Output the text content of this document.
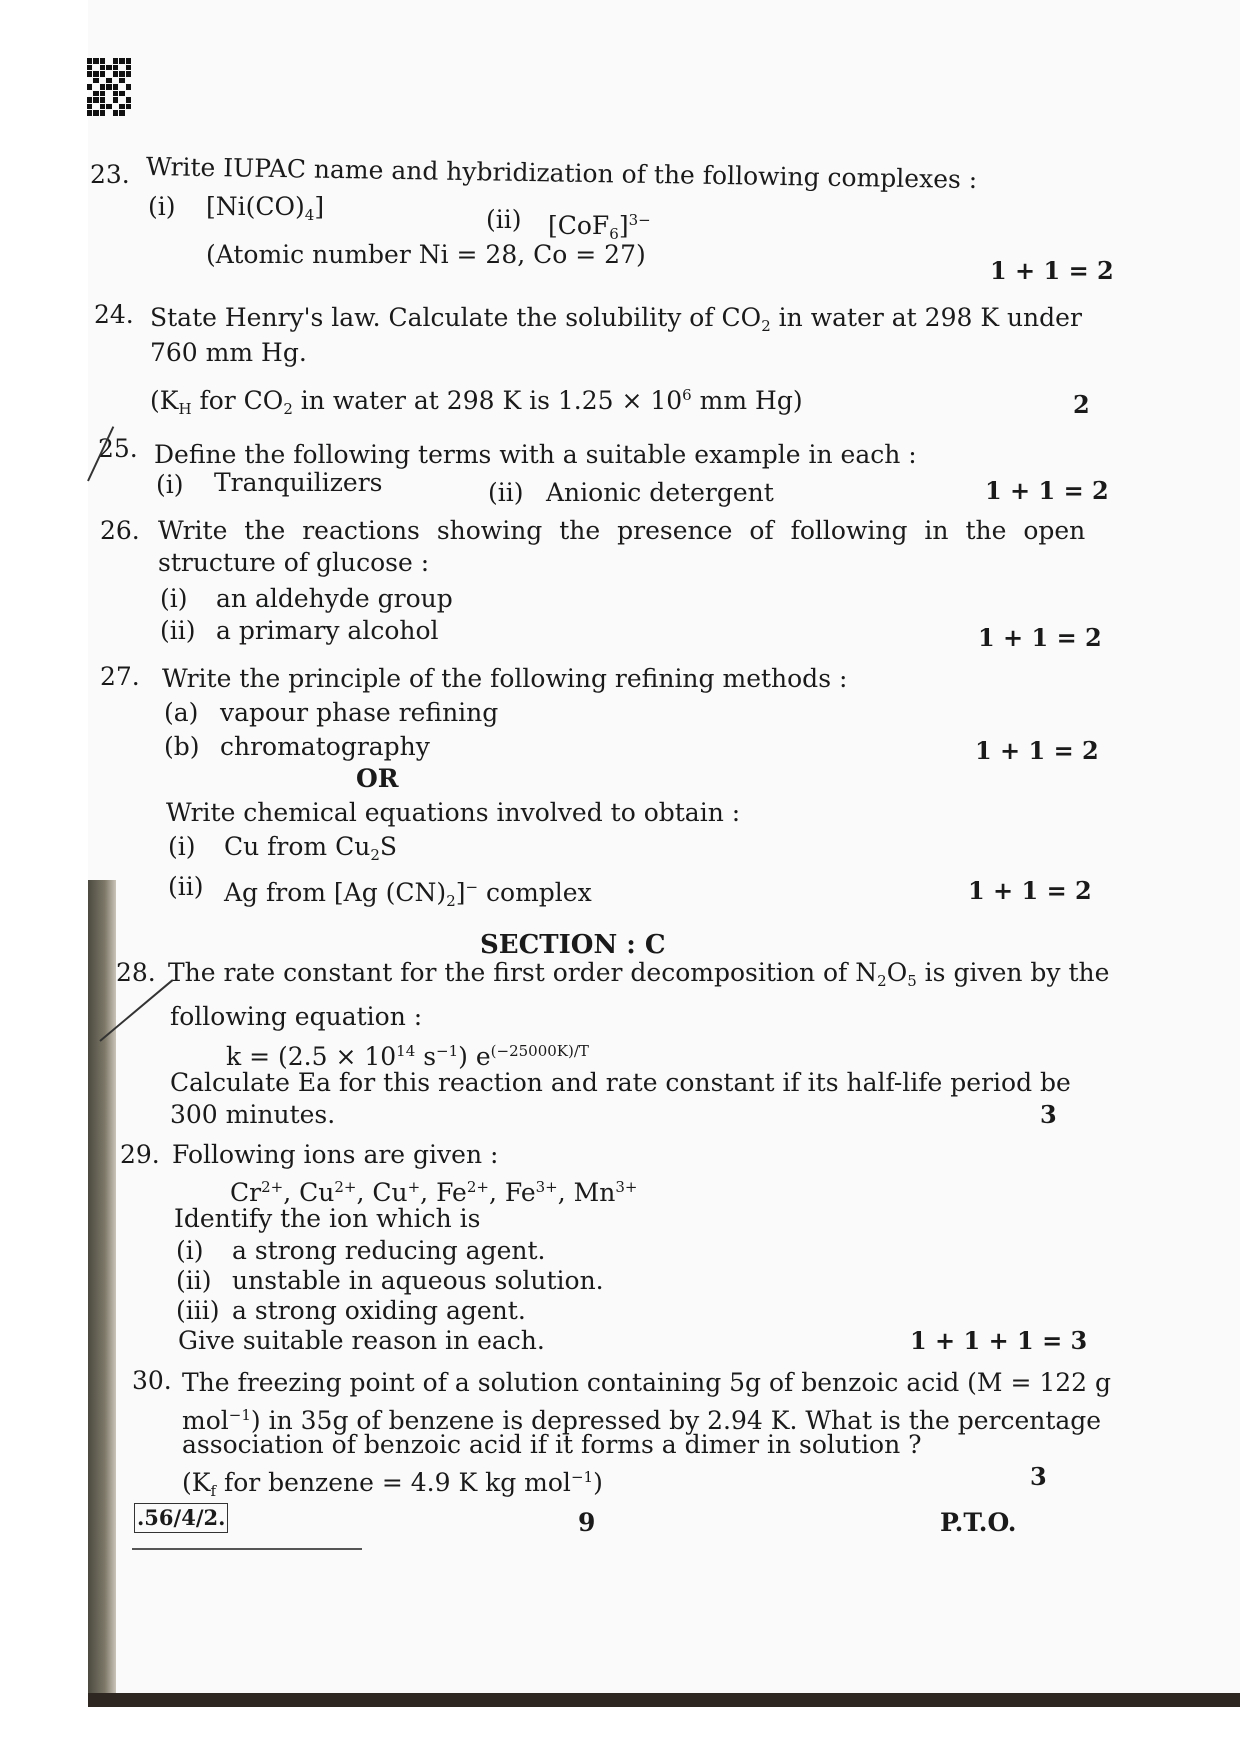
23. Write IUPAC name and hybridization of the following complexes :
(i) $[Ni(CO)_4]$	(ii) $[CoF_6]^{3-}$
(Atomic number Ni = 28, Co = 27)
1 + 1 = 2
24. State Henry's law. Calculate the solubility of $CO_2$ in water at 298 K under
760 mm Hg.
($K_H$ for $CO_2$ in water at 298 K is $1.25 \times 10^6$ mm Hg)	2
25. Define the following terms with a suitable example in each :
(i) Tranquilizers	(ii) Anionic detergent	1 + 1 = 2
26. Write the reactions showing the presence of following in the open
structure of glucose :
(i) an aldehyde group
(ii) a primary alcohol	1 + 1 = 2
27. Write the principle of the following refining methods :
(a) vapour phase refining
(b) chromatography	1 + 1 = 2
OR
Write chemical equations involved to obtain :
(i) Cu from $Cu_2S$
(ii) Ag from [Ag $(CN)_2]^-$ complex	1 + 1 = 2
SECTION : C
28. The rate constant for the first order decomposition of $N_2O_5$ is given by the
following equation :
$k = (2.5 \times 10^{14}$ $s^{-1}$) $e^{(-25000K)/T}$
Calculate Ea for this reaction and rate constant if its half-life period be
300 minutes.	3
29. Following ions are given :
$Cr^{2+}$, $Cu^{2+}$, Cu+, $Fe^{2+}$, $Fe^{3+}$, $Mn^{3+}$
Identify the ion which is
(i) a strong reducing agent.
(ii) unstable in aqueous solution.
(iii) a strong oxiding agent.
Give suitable reason in each.	1 + 1 + 1 = 3
30. The freezing point of a solution containing 5g of benzoic acid (M = 122 g
mol$^{-1}$) in 35g of benzene is depressed by 2.94 K. What is the percentage
association of benzoic acid if it forms a dimer in solution ?
($K_f$ for benzene = 4.9 K kg mol$^{-1}$)	3
.56/4/2.	9	P.T.O.
